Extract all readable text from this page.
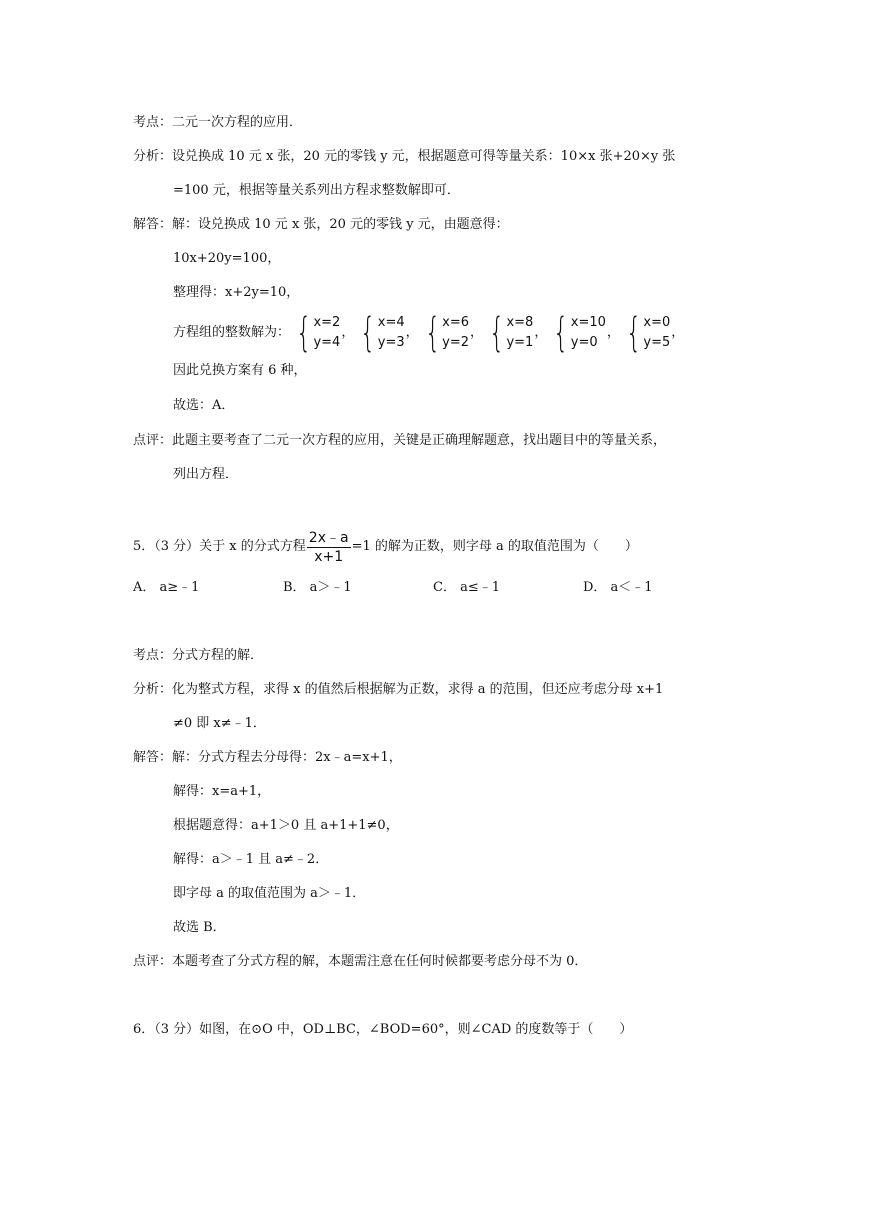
考点：二元一次方程的应用．
分析：设兑换成 10 元 x 张，20 元的零钱 y 元，根据题意可得等量关系：10×x 张+20×y 张
=100 元，根据等量关系列出方程求整数解即可．
解答：解：设兑换成 10 元 x 张，20 元的零钱 y 元，由题意得：
10x+20y=100，
整理得：x+2y=10，
方程组的整数解为： { x=2
y=4
， { x=4
y=3
， { x=6
y=2
， { x=8
y=1
， { x=10
y=0
， { x=0
y=5
，
因此兑换方案有 6 种，
故选：A．
点评：此题主要考查了二元一次方程的应用，关键是正确理解题意，找出题目中的等量关系，
列出方程．
5．（3 分）关于 x 的分式方程 $\frac{2x﹣a}{x+1} =1$ 的解为正数，则字母 a 的取值范围为（　　）
A． a≥﹣1	B． a＞﹣1	C． a≤﹣1	D． a＜﹣1
考点：分式方程的解．
分析：化为整式方程，求得 x 的值然后根据解为正数，求得 a 的范围，但还应考虑分母 x+1
≠0 即 x≠﹣1．
解答：解：分式方程去分母得：2x﹣a=x+1，
解得：x=a+1，
根据题意得：a+1＞0 且 a+1+1≠0，
解得：a＞﹣1 且 a≠﹣2．
即字母 a 的取值范围为 a＞﹣1．
故选 B．
点评：本题考查了分式方程的解，本题需注意在任何时候都要考虑分母不为 0．
6．（3 分）如图，在⊙O 中，OD⊥BC，∠BOD=60°，则∠CAD 的度数等于（　　）
